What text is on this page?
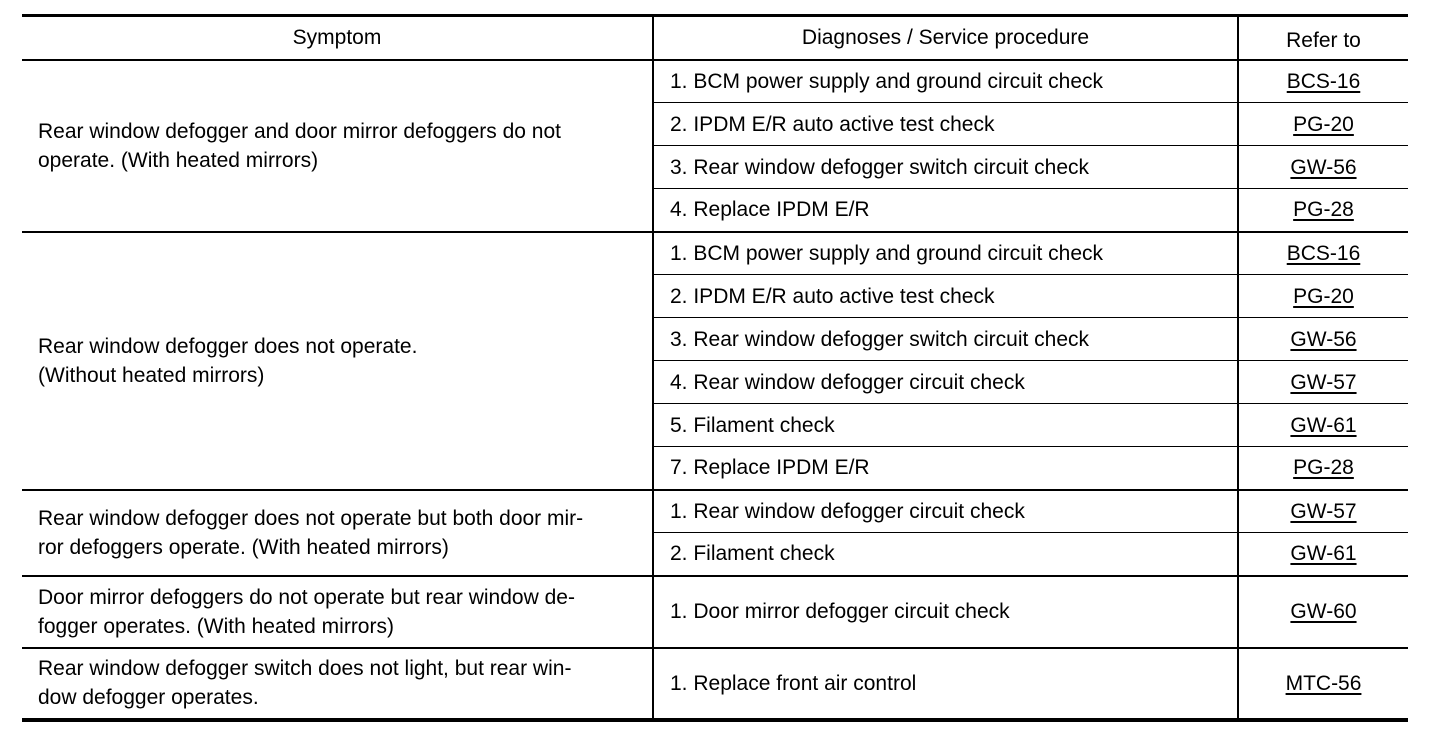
Symptom	Diagnoses / Service procedure	Refer to
Rear window defogger and door mirror defoggers do not
operate. (With heated mirrors)	1. BCM power supply and ground circuit check	BCS-16
	2. IPDM E/R auto active test check	PG-20
	3. Rear window defogger switch circuit check	GW-56
	4. Replace IPDM E/R	PG-28
Rear window defogger does not operate.
(Without heated mirrors)	1. BCM power supply and ground circuit check	BCS-16
	2. IPDM E/R auto active test check	PG-20
	3. Rear window defogger switch circuit check	GW-56
	4. Rear window defogger circuit check	GW-57
	5. Filament check	GW-61
	7. Replace IPDM E/R	PG-28
Rear window defogger does not operate but both door mir-
ror defoggers operate. (With heated mirrors)	1. Rear window defogger circuit check	GW-57
	2. Filament check	GW-61
Door mirror defoggers do not operate but rear window de-
fogger operates. (With heated mirrors)	1. Door mirror defogger circuit check	GW-60
Rear window defogger switch does not light, but rear win-
dow defogger operates.	1. Replace front air control	MTC-56
